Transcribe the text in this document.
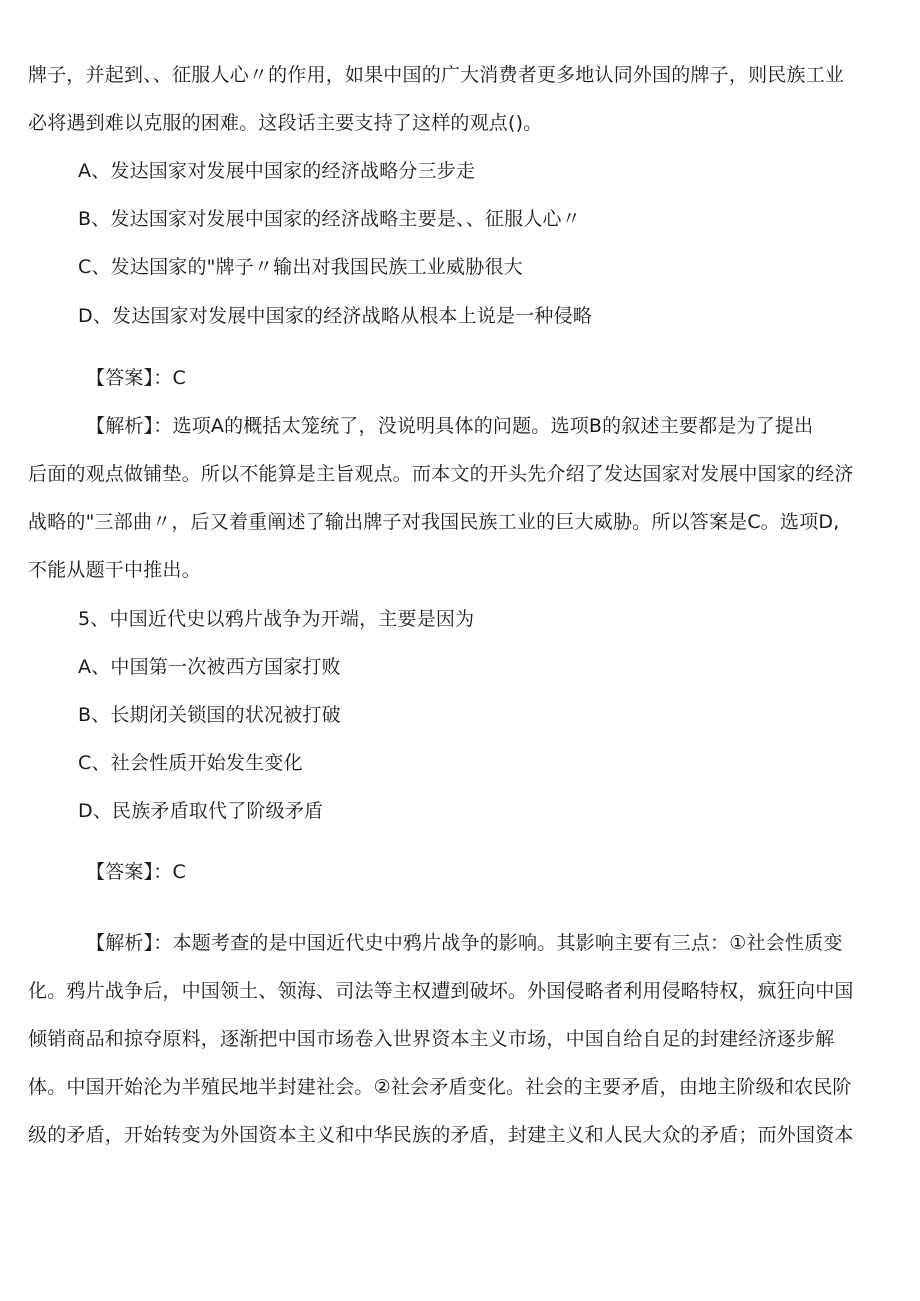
牌子，并起到、、征服人心〃的作用，如果中国的广大消费者更多地认同外国的牌子，则民族工业
必将遇到难以克服的困难。这段话主要支持了这样的观点()。
A、发达国家对发展中国家的经济战略分三步走
B、发达国家对发展中国家的经济战略主要是、、征服人心〃
C、发达国家的"牌子〃输出对我国民族工业威胁很大
D、发达国家对发展中国家的经济战略从根本上说是一种侵略
【答案】：C
【解析】：选项A的概括太笼统了，没说明具体的问题。选项B的叙述主要都是为了提出
后面的观点做铺垫。所以不能算是主旨观点。而本文的开头先介绍了发达国家对发展中国家的经济
战略的"三部曲〃，后又着重阐述了输出牌子对我国民族工业的巨大威胁。所以答案是C。选项D,
不能从题干中推出。
5、中国近代史以鸦片战争为开端，主要是因为
A、中国第一次被西方国家打败
B、长期闭关锁国的状况被打破
C、社会性质开始发生变化
D、民族矛盾取代了阶级矛盾
【答案】：C
【解析】：本题考查的是中国近代史中鸦片战争的影响。其影响主要有三点：①社会性质变
化。鸦片战争后，中国领土、领海、司法等主权遭到破坏。外国侵略者利用侵略特权，疯狂向中国
倾销商品和掠夺原料，逐渐把中国市场卷入世界资本主义市场，中国自给自足的封建经济逐步解
体。中国开始沦为半殖民地半封建社会。②社会矛盾变化。社会的主要矛盾，由地主阶级和农民阶
级的矛盾，开始转变为外国资本主义和中华民族的矛盾，封建主义和人民大众的矛盾；而外国资本
